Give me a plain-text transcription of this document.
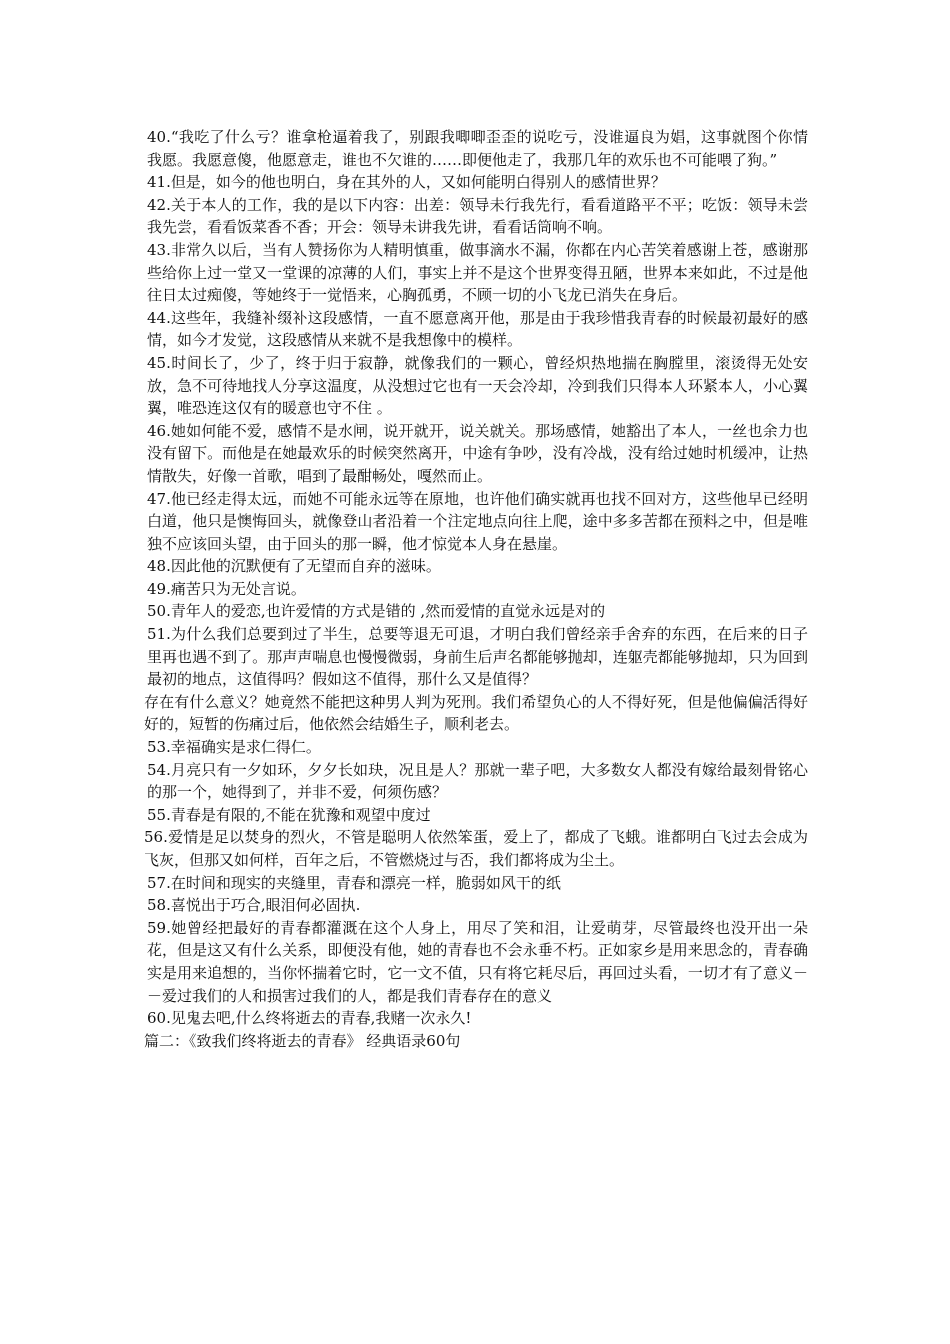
40.“我吃了什么亏？谁拿枪逼着我了，别跟我唧唧歪歪的说吃亏，没谁逼良为娼，这事就图个你情我愿。我愿意傻，他愿意走，谁也不欠谁的……即便他走了，我那几年的欢乐也不可能喂了狗。”

41.但是，如今的他也明白，身在其外的人，又如何能明白得别人的感情世界？

42.关于本人的工作，我的是以下内容：出差：领导未行我先行，看看道路平不平；吃饭：领导未尝我先尝，看看饭菜香不香；开会：领导未讲我先讲，看看话筒响不响。

43.非常久以后，当有人赞扬你为人精明慎重，做事滴水不漏，你都在内心苦笑着感谢上苍，感谢那些给你上过一堂又一堂课的凉薄的人们，事实上并不是这个世界变得丑陋，世界本来如此，不过是他往日太过痴傻，等她终于一觉悟来，心胸孤勇，不顾一切的小飞龙已消失在身后。

44.这些年，我缝补缀补这段感情，一直不愿意离开他，那是由于我珍惜我青春的时候最初最好的感情，如今才发觉，这段感情从来就不是我想像中的模样。

45.时间长了，少了，终于归于寂静，就像我们的一颗心，曾经炽热地揣在胸膛里，滚烫得无处安放，急不可待地找人分享这温度，从没想过它也有一天会冷却，冷到我们只得本人环紧本人，小心翼翼，唯恐连这仅有的暖意也守不住 。

46.她如何能不爱，感情不是水闸，说开就开，说关就关。那场感情，她豁出了本人，一丝也余力也没有留下。而他是在她最欢乐的时候突然离开，中途有争吵，没有冷战，没有给过她时机缓冲，让热情散失，好像一首歌，唱到了最酣畅处，嘎然而止。

47.他已经走得太远，而她不可能永远等在原地，也许他们确实就再也找不回对方，这些他早已经明白道，他只是懊悔回头，就像登山者沿着一个注定地点向往上爬，途中多多苦都在预料之中，但是唯独不应该回头望，由于回头的那一瞬，他才惊觉本人身在悬崖。

48.因此他的沉默便有了无望而自弃的滋味。

49.痛苦只为无处言说。

50.青年人的爱恋,也许爱情的方式是错的 ,然而爱情的直觉永远是对的

51.为什么我们总要到过了半生，总要等退无可退，才明白我们曾经亲手舍弃的东西，在后来的日子里再也遇不到了。那声声喘息也慢慢微弱，身前生后声名都能够抛却，连躯壳都能够抛却，只为回到最初的地点，这值得吗？假如这不值得，那什么又是值得？

存在有什么意义？她竟然不能把这种男人判为死刑。我们希望负心的人不得好死，但是他偏偏活得好好的，短暂的伤痛过后，他依然会结婚生子，顺利老去。

53.幸福确实是求仁得仁。

54.月亮只有一夕如环，夕夕长如玦，况且是人？那就一辈子吧，大多数女人都没有嫁给最刻骨铭心的那一个，她得到了，并非不爱，何须伤感？

55.青春是有限的,不能在犹豫和观望中度过

56.爱情是足以焚身的烈火，不管是聪明人依然笨蛋，爱上了，都成了飞蛾。谁都明白飞过去会成为飞灰，但那又如何样，百年之后，不管燃烧过与否，我们都将成为尘土。

57.在时间和现实的夹缝里，青春和漂亮一样，脆弱如风干的纸

58.喜悦出于巧合,眼泪何必固执.

59.她曾经把最好的青春都灌溉在这个人身上，用尽了笑和泪，让爱萌芽，尽管最终也没开出一朵花，但是这又有什么关系，即便没有他，她的青春也不会永垂不朽。正如家乡是用来思念的，青春确实是用来追想的，当你怀揣着它时，它一文不值，只有将它耗尽后，再回过头看，一切才有了意义－－爱过我们的人和损害过我们的人，都是我们青春存在的意义

60.见鬼去吧,什么终将逝去的青春,我赌一次永久!

篇二：《致我们终将逝去的青春》 经典语录60句
